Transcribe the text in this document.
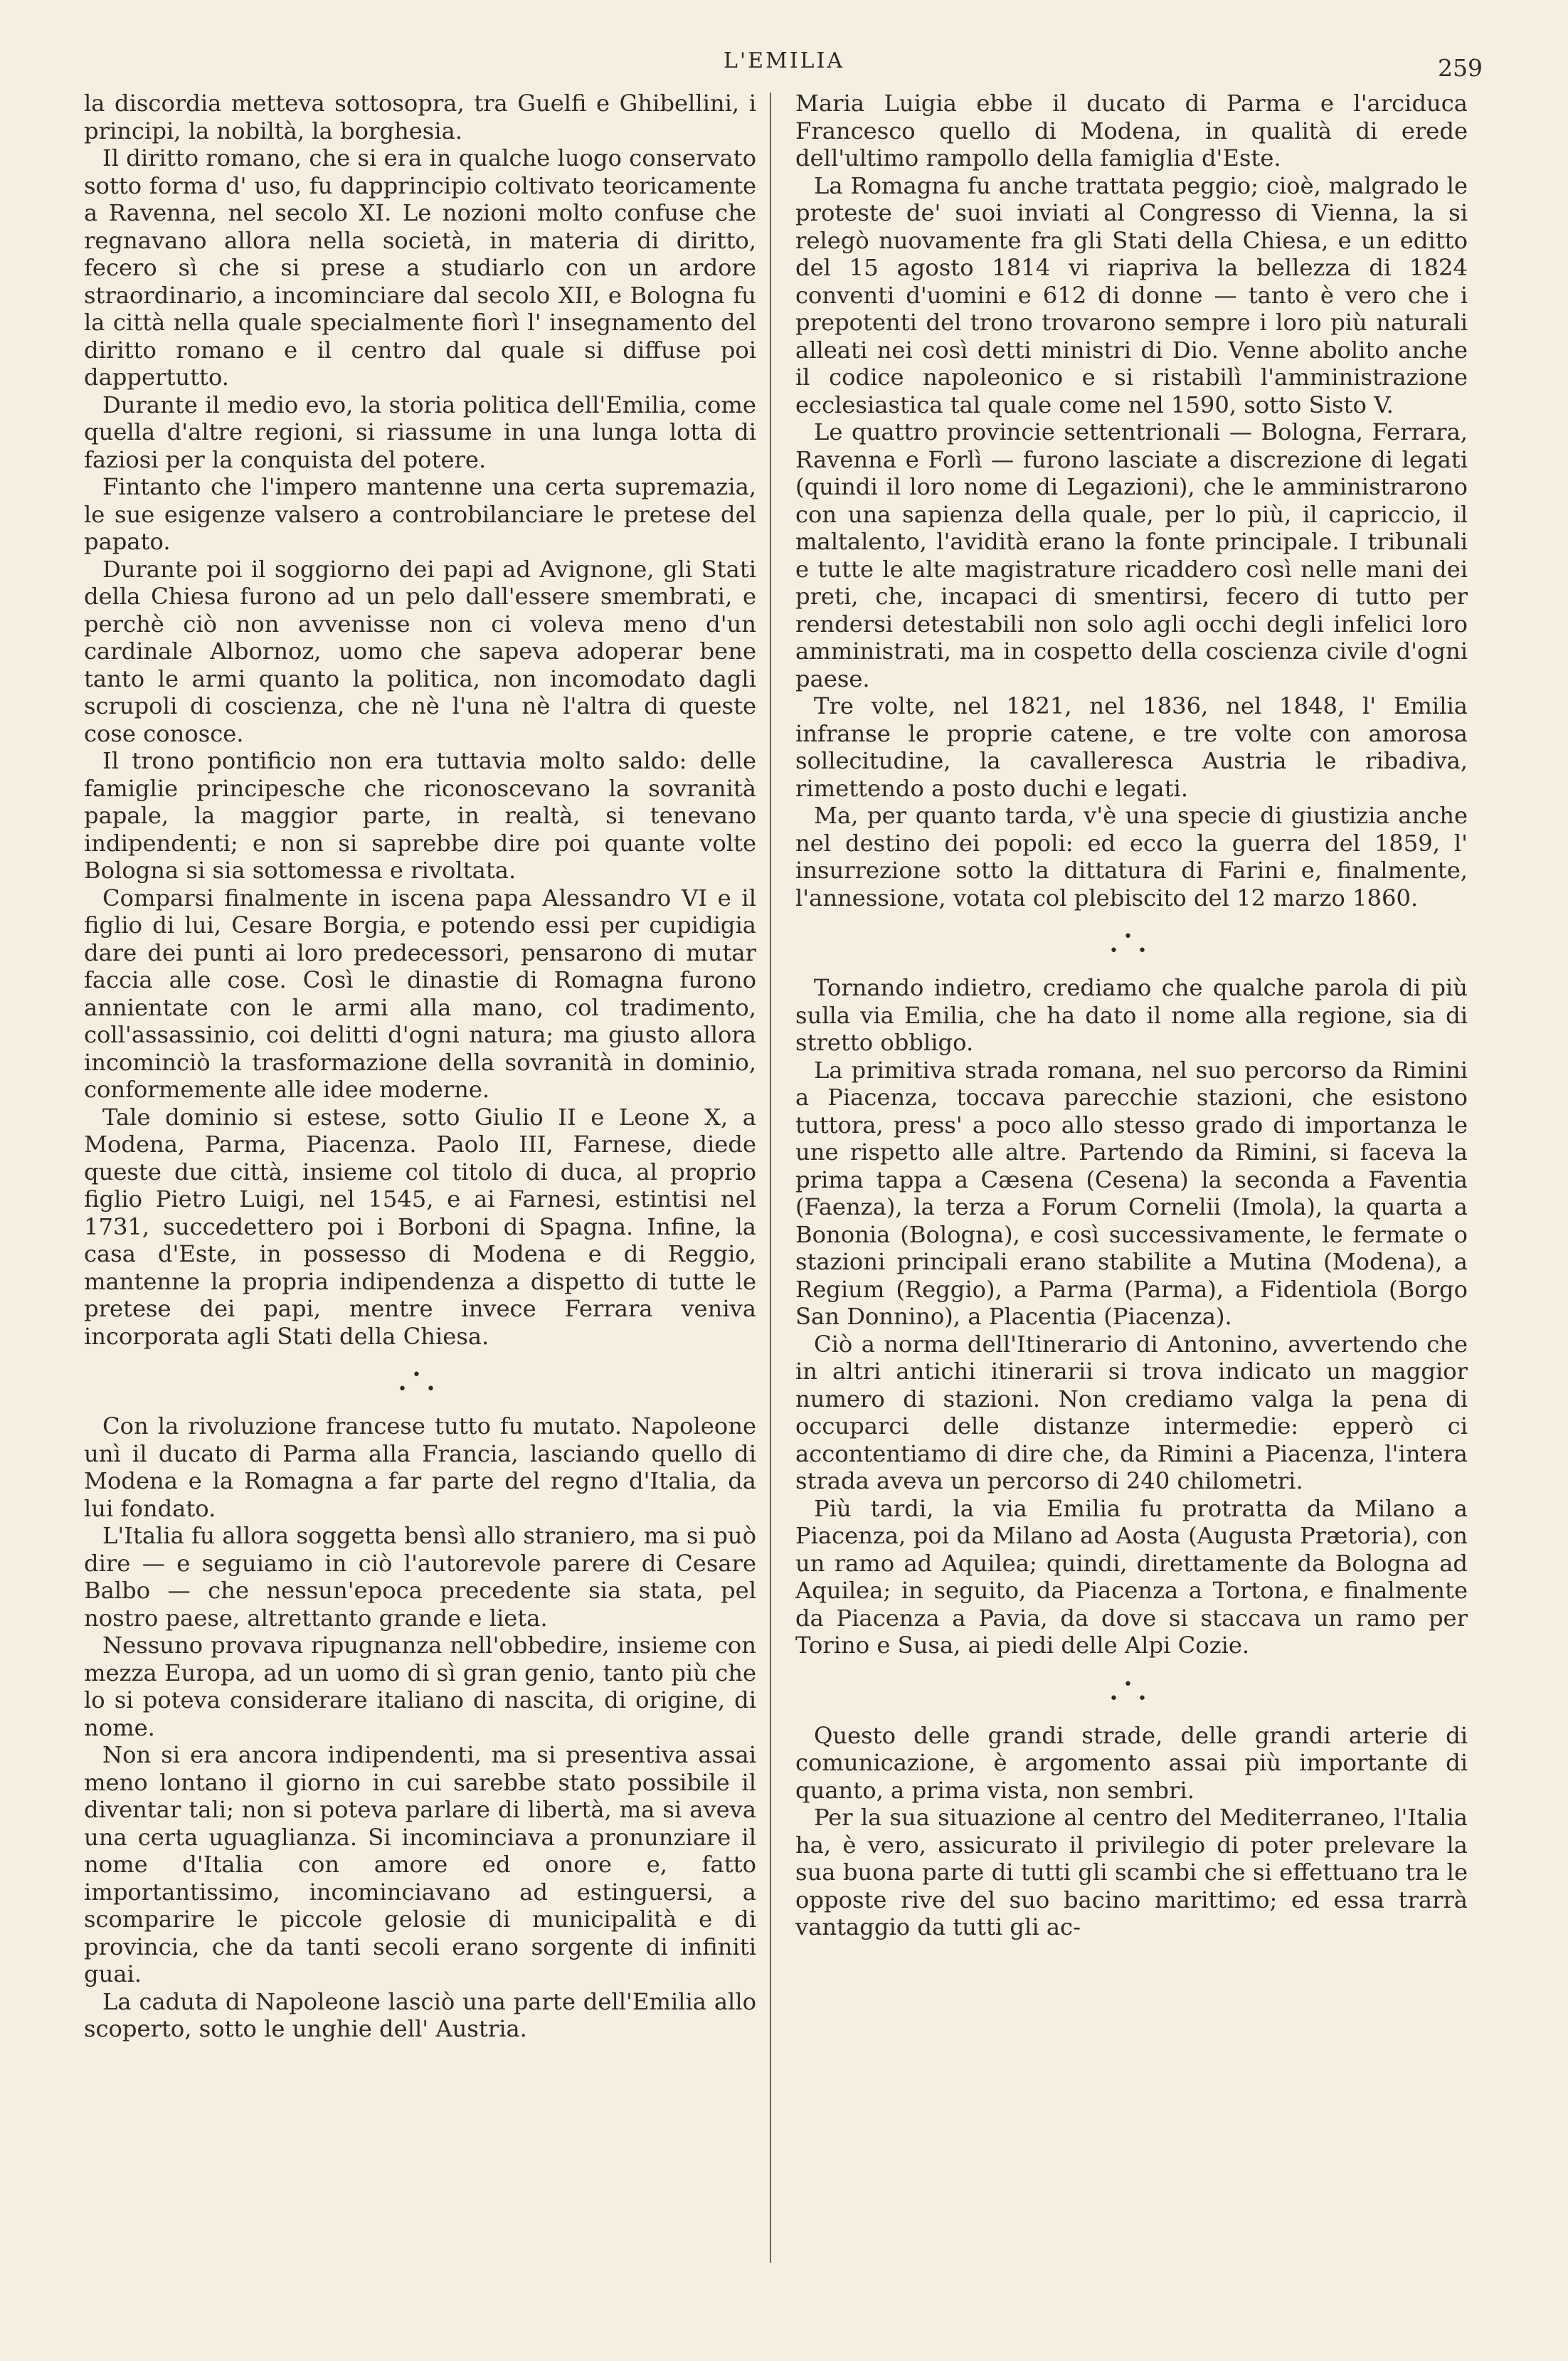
L'EMILIA	259

la discordia metteva sottosopra, tra Guelfi e Ghibellini, i principi, la nobiltà, la borghesia.

Il diritto romano, che si era in qualche luogo conservato sotto forma d' uso, fu dapprincipio coltivato teoricamente a Ravenna, nel secolo XI. Le nozioni molto confuse che regnavano allora nella società, in materia di diritto, fecero sì che si prese a studiarlo con un ardore straordinario, a incominciare dal secolo XII, e Bologna fu la città nella quale specialmente fiorì l' insegnamento del diritto romano e il centro dal quale si diffuse poi dappertutto.

Durante il medio evo, la storia politica dell'Emilia, come quella d'altre regioni, si riassume in una lunga lotta di faziosi per la conquista del potere.

Fintanto che l'impero mantenne una certa supremazia, le sue esigenze valsero a controbilanciare le pretese del papato.

Durante poi il soggiorno dei papi ad Avignone, gli Stati della Chiesa furono ad un pelo dall'essere smembrati, e perchè ciò non avvenisse non ci voleva meno d'un cardinale Albornoz, uomo che sapeva adoperar bene tanto le armi quanto la politica, non incomodato dagli scrupoli di coscienza, che nè l'una nè l'altra di queste cose conosce.

Il trono pontificio non era tuttavia molto saldo: delle famiglie principesche che riconoscevano la sovranità papale, la maggior parte, in realtà, si tenevano indipendenti; e non si saprebbe dire poi quante volte Bologna si sia sottomessa e rivoltata.

Comparsi finalmente in iscena papa Alessandro VI e il figlio di lui, Cesare Borgia, e potendo essi per cupidigia dare dei punti ai loro predecessori, pensarono di mutar faccia alle cose. Così le dinastie di Romagna furono annientate con le armi alla mano, col tradimento, coll'assassinio, coi delitti d'ogni natura; ma giusto allora incominciò la trasformazione della sovranità in dominio, conformemente alle idee moderne.

Tale dominio si estese, sotto Giulio II e Leone X, a Modena, Parma, Piacenza. Paolo III, Farnese, diede queste due città, insieme col titolo di duca, al proprio figlio Pietro Luigi, nel 1545, e ai Farnesi, estintisi nel 1731, succedettero poi i Borboni di Spagna. Infine, la casa d'Este, in possesso di Modena e di Reggio, mantenne la propria indipendenza a dispetto di tutte le pretese dei papi, mentre invece Ferrara veniva incorporata agli Stati della Chiesa.

•
• •

Con la rivoluzione francese tutto fu mutato. Napoleone unì il ducato di Parma alla Francia, lasciando quello di Modena e la Romagna a far parte del regno d'Italia, da lui fondato.

L'Italia fu allora soggetta bensì allo straniero, ma si può dire — e seguiamo in ciò l'autorevole parere di Cesare Balbo — che nessun'epoca precedente sia stata, pel nostro paese, altrettanto grande e lieta.

Nessuno provava ripugnanza nell'obbedire, insieme con mezza Europa, ad un uomo di sì gran genio, tanto più che lo si poteva considerare italiano di nascita, di origine, di nome.

Non si era ancora indipendenti, ma si presentiva assai meno lontano il giorno in cui sarebbe stato possibile il diventar tali; non si poteva parlare di libertà, ma si aveva una certa uguaglianza. Si incominciava a pronunziare il nome d'Italia con amore ed onore e, fatto importantissimo, incominciavano ad estinguersi, a scomparire le piccole gelosie di municipalità e di provincia, che da tanti secoli erano sorgente di infiniti guai.

La caduta di Napoleone lasciò una parte dell'Emilia allo scoperto, sotto le unghie dell' Austria.

Maria Luigia ebbe il ducato di Parma e l'arciduca Francesco quello di Modena, in qualità di erede dell'ultimo rampollo della famiglia d'Este.

La Romagna fu anche trattata peggio; cioè, malgrado le proteste de' suoi inviati al Congresso di Vienna, la si relegò nuovamente fra gli Stati della Chiesa, e un editto del 15 agosto 1814 vi riapriva la bellezza di 1824 conventi d'uomini e 612 di donne — tanto è vero che i prepotenti del trono trovarono sempre i loro più naturali alleati nei così detti ministri di Dio. Venne abolito anche il codice napoleonico e si ristabilì l'amministrazione ecclesiastica tal quale come nel 1590, sotto Sisto V.

Le quattro provincie settentrionali — Bologna, Ferrara, Ravenna e Forlì — furono lasciate a discrezione di legati (quindi il loro nome di Legazioni), che le amministrarono con una sapienza della quale, per lo più, il capriccio, il maltalento, l'avidità erano la fonte principale. I tribunali e tutte le alte magistrature ricaddero così nelle mani dei preti, che, incapaci di smentirsi, fecero di tutto per rendersi detestabili non solo agli occhi degli infelici loro amministrati, ma in cospetto della coscienza civile d'ogni paese.

Tre volte, nel 1821, nel 1836, nel 1848, l' Emilia infranse le proprie catene, e tre volte con amorosa sollecitudine, la cavalleresca Austria le ribadiva, rimettendo a posto duchi e legati.

Ma, per quanto tarda, v'è una specie di giustizia anche nel destino dei popoli: ed ecco la guerra del 1859, l' insurrezione sotto la dittatura di Farini e, finalmente, l'annessione, votata col plebiscito del 12 marzo 1860.

•
• •

Tornando indietro, crediamo che qualche parola di più sulla via Emilia, che ha dato il nome alla regione, sia di stretto obbligo.

La primitiva strada romana, nel suo percorso da Rimini a Piacenza, toccava parecchie stazioni, che esistono tuttora, press' a poco allo stesso grado di importanza le une rispetto alle altre. Partendo da Rimini, si faceva la prima tappa a Cæsena (Cesena) la seconda a Faventia (Faenza), la terza a Forum Cornelii (Imola), la quarta a Bononia (Bologna), e così successivamente, le fermate o stazioni principali erano stabilite a Mutina (Modena), a Regium (Reggio), a Parma (Parma), a Fidentiola (Borgo San Donnino), a Placentia (Piacenza).

Ciò a norma dell'Itinerario di Antonino, avvertendo che in altri antichi itinerarii si trova indicato un maggior numero di stazioni. Non crediamo valga la pena di occuparci delle distanze intermedie: epperò ci accontentiamo di dire che, da Rimini a Piacenza, l'intera strada aveva un percorso di 240 chilometri.

Più tardi, la via Emilia fu protratta da Milano a Piacenza, poi da Milano ad Aosta (Augusta Prætoria), con un ramo ad Aquilea; quindi, direttamente da Bologna ad Aquilea; in seguito, da Piacenza a Tortona, e finalmente da Piacenza a Pavia, da dove si staccava un ramo per Torino e Susa, ai piedi delle Alpi Cozie.

•
• •

Questo delle grandi strade, delle grandi arterie di comunicazione, è argomento assai più importante di quanto, a prima vista, non sembri.

Per la sua situazione al centro del Mediterraneo, l'Italia ha, è vero, assicurato il privilegio di poter prelevare la sua buona parte di tutti gli scambi che si effettuano tra le opposte rive del suo bacino marittimo; ed essa trarrà vantaggio da tutti gli ac-
